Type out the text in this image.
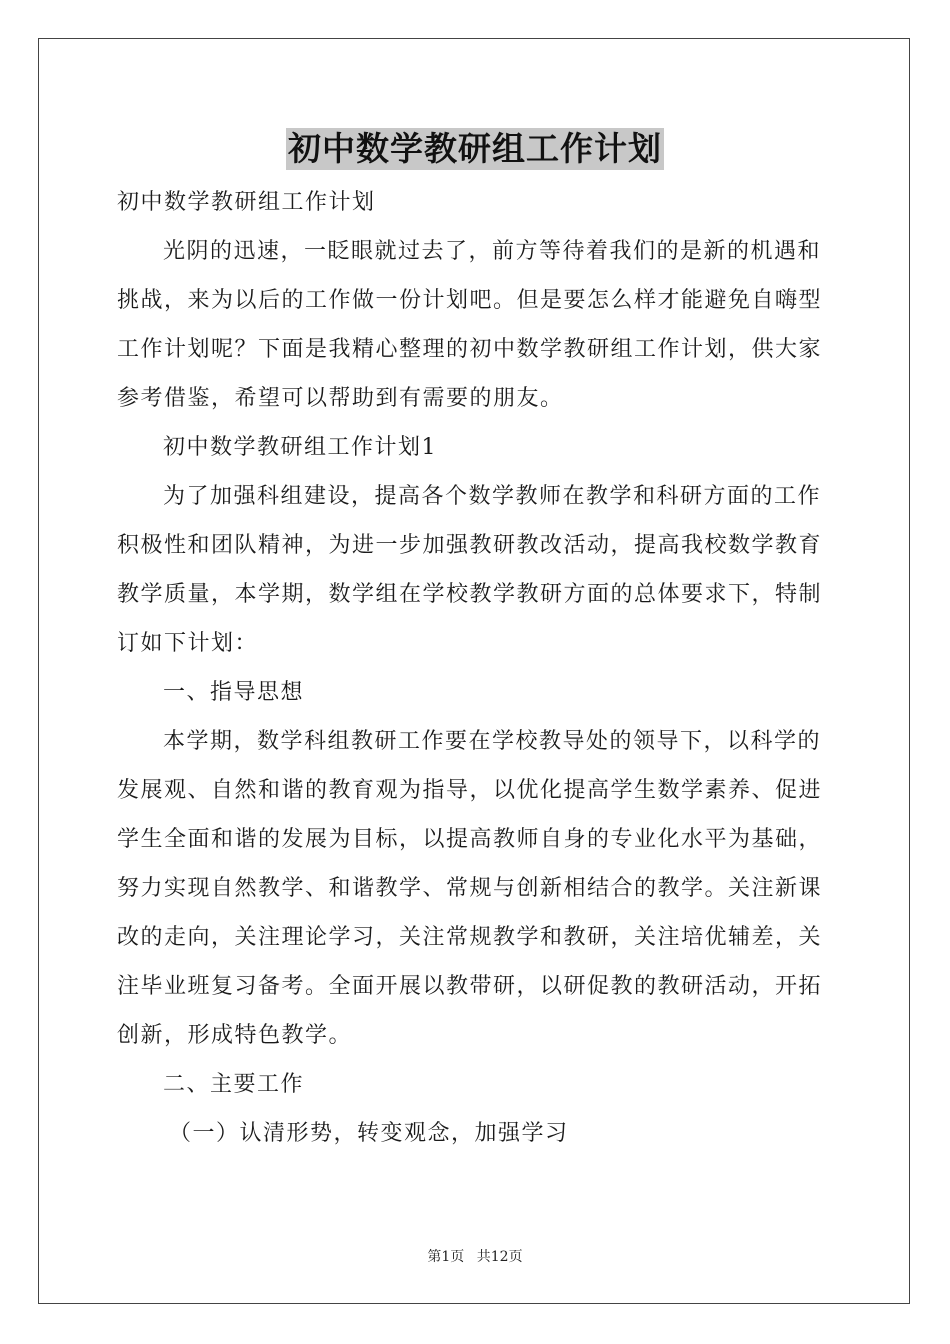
初中数学教研组工作计划
初中数学教研组工作计划
光阴的迅速，一眨眼就过去了，前方等待着我们的是新的机遇和
挑战，来为以后的工作做一份计划吧。但是要怎么样才能避免自嗨型
工作计划呢？下面是我精心整理的初中数学教研组工作计划，供大家
参考借鉴，希望可以帮助到有需要的朋友。
初中数学教研组工作计划1
为了加强科组建设，提高各个数学教师在教学和科研方面的工作
积极性和团队精神，为进一步加强教研教改活动，提高我校数学教育
教学质量，本学期，数学组在学校教学教研方面的总体要求下，特制
订如下计划：
一、指导思想
本学期，数学科组教研工作要在学校教导处的领导下，以科学的
发展观、自然和谐的教育观为指导，以优化提高学生数学素养、促进
学生全面和谐的发展为目标，以提高教师自身的专业化水平为基础，
努力实现自然教学、和谐教学、常规与创新相结合的教学。关注新课
改的走向，关注理论学习，关注常规教学和教研，关注培优辅差，关
注毕业班复习备考。全面开展以教带研，以研促教的教研活动，开拓
创新，形成特色教学。
二、主要工作
（一）认清形势，转变观念，加强学习
第1页 共12页
